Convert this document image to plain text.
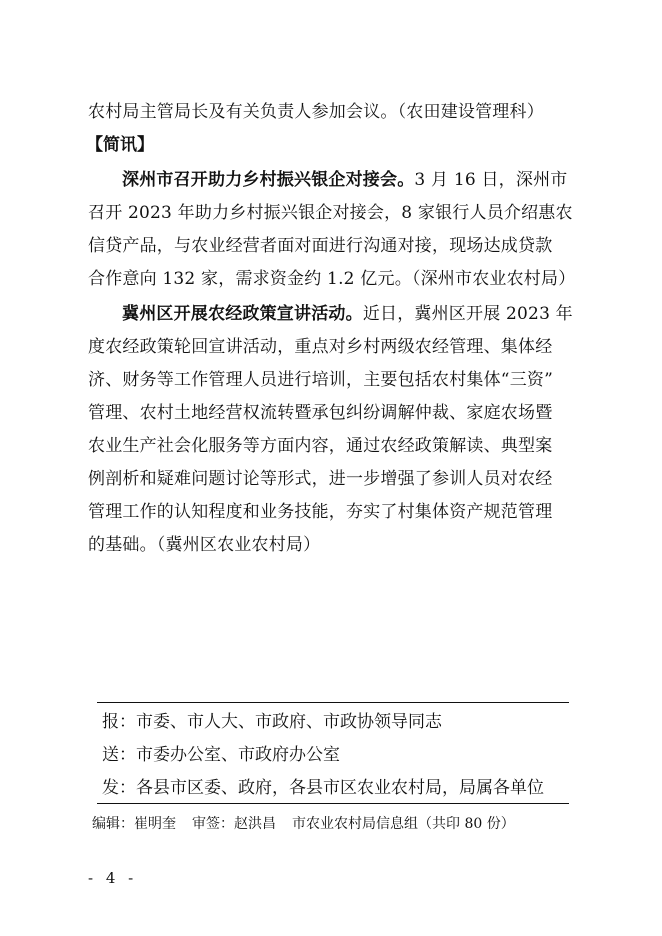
农村局主管局长及有关负责人参加会议。（农田建设管理科）
【简讯】
深州市召开助力乡村振兴银企对接会。3 月 16 日，深州市
召开 2023 年助力乡村振兴银企对接会，8 家银行人员介绍惠农
信贷产品，与农业经营者面对面进行沟通对接，现场达成贷款
合作意向 132 家，需求资金约 1.2 亿元。（深州市农业农村局）
冀州区开展农经政策宣讲活动。近日，冀州区开展 2023 年
度农经政策轮回宣讲活动，重点对乡村两级农经管理、集体经
济、财务等工作管理人员进行培训，主要包括农村集体“三资”
管理、农村土地经营权流转暨承包纠纷调解仲裁、家庭农场暨
农业生产社会化服务等方面内容，通过农经政策解读、典型案
例剖析和疑难问题讨论等形式，进一步增强了参训人员对农经
管理工作的认知程度和业务技能，夯实了村集体资产规范管理
的基础。（冀州区农业农村局）
报：市委、市人大、市政府、市政协领导同志
送：市委办公室、市政府办公室
发：各县市区委、政府，各县市区农业农村局，局属各单位
编辑：崔明奎 审签：赵洪昌 市农业农村局信息组（共印 80 份）
- 4 -
